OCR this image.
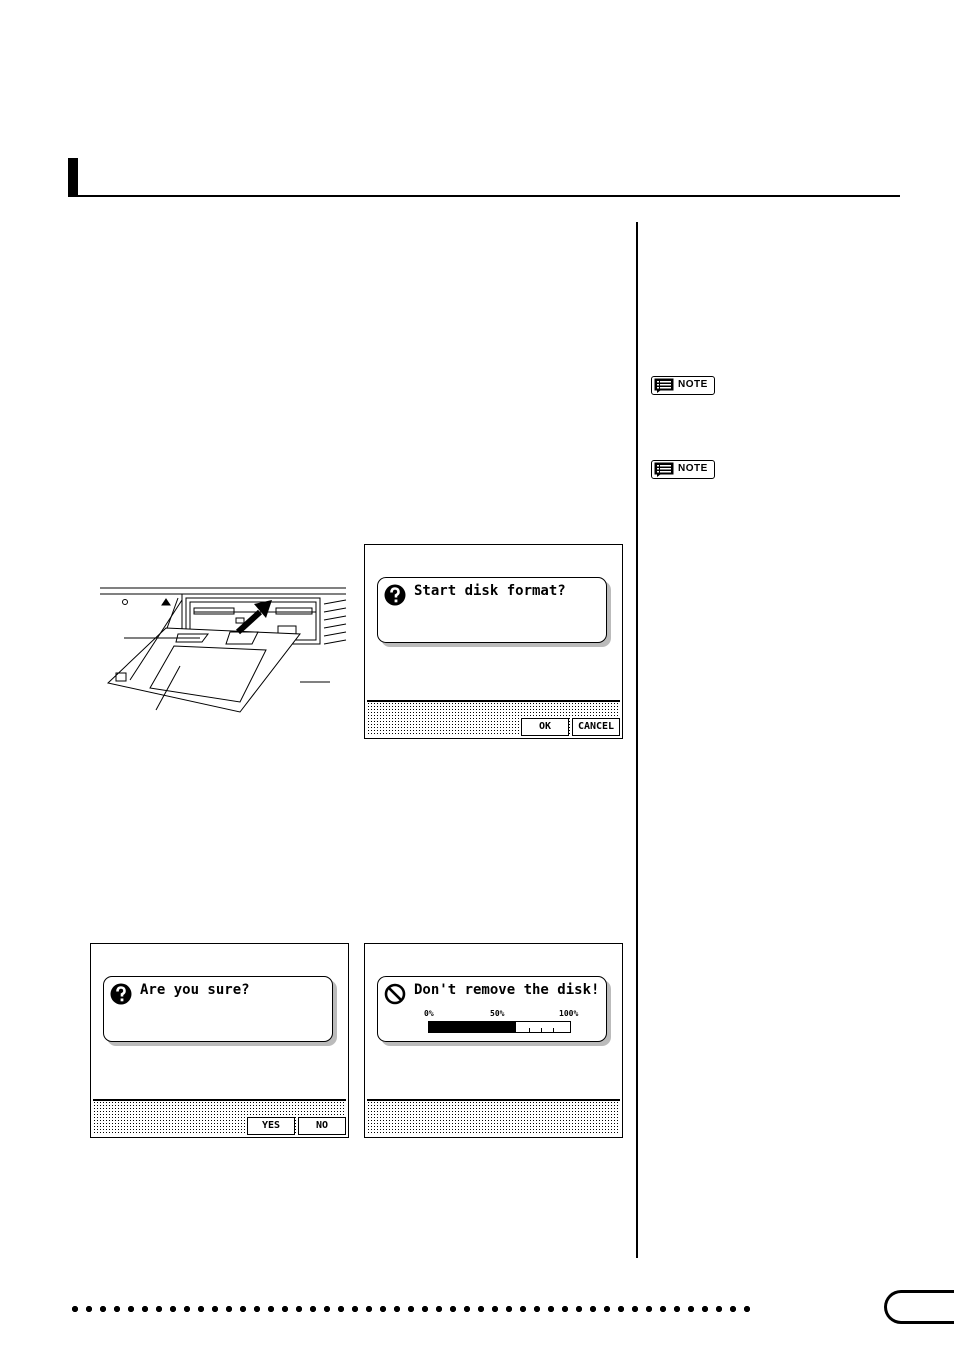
NOTE
NOTE
Start disk format?
OK	CANCEL
Are you sure?
YES	NO
Don't remove the disk!
0%	50%	100%
